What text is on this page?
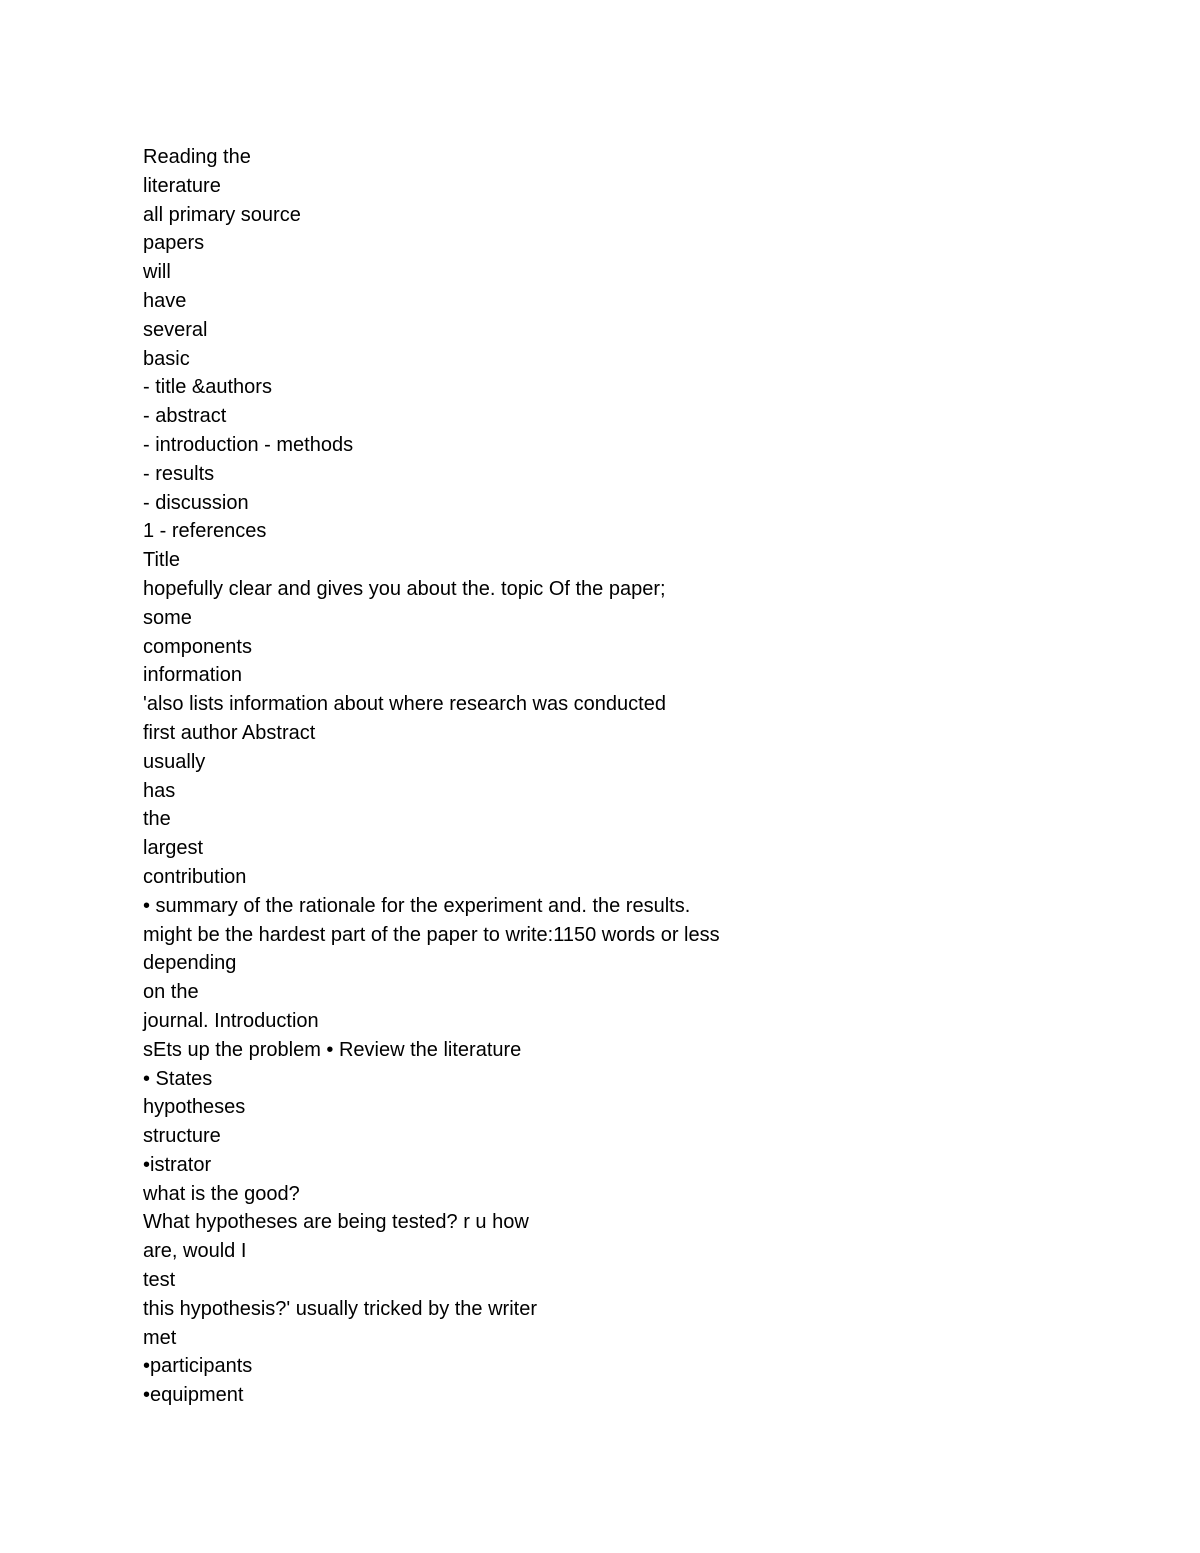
Reading the

literature

all primary source

papers

will

have

several

basic

- title &authors

- abstract

- introduction - methods

- results

- discussion

1 - references

Title

hopefully clear and gives you about the. topic Of the paper;

some

components

information

'also lists information about where research was conducted

first author Abstract

usually

has

the

largest

contribution

• summary of the rationale for the experiment and. the results.

might be the hardest part of the paper to write:1150 words or less

depending

on the

journal. Introduction

sEts up the problem • Review the literature

• States

hypotheses

structure

•istrator

what is the good?

What hypotheses are being tested? r u how

are, would I

test

this hypothesis?' usually tricked by the writer

met

•participants

•equipment
